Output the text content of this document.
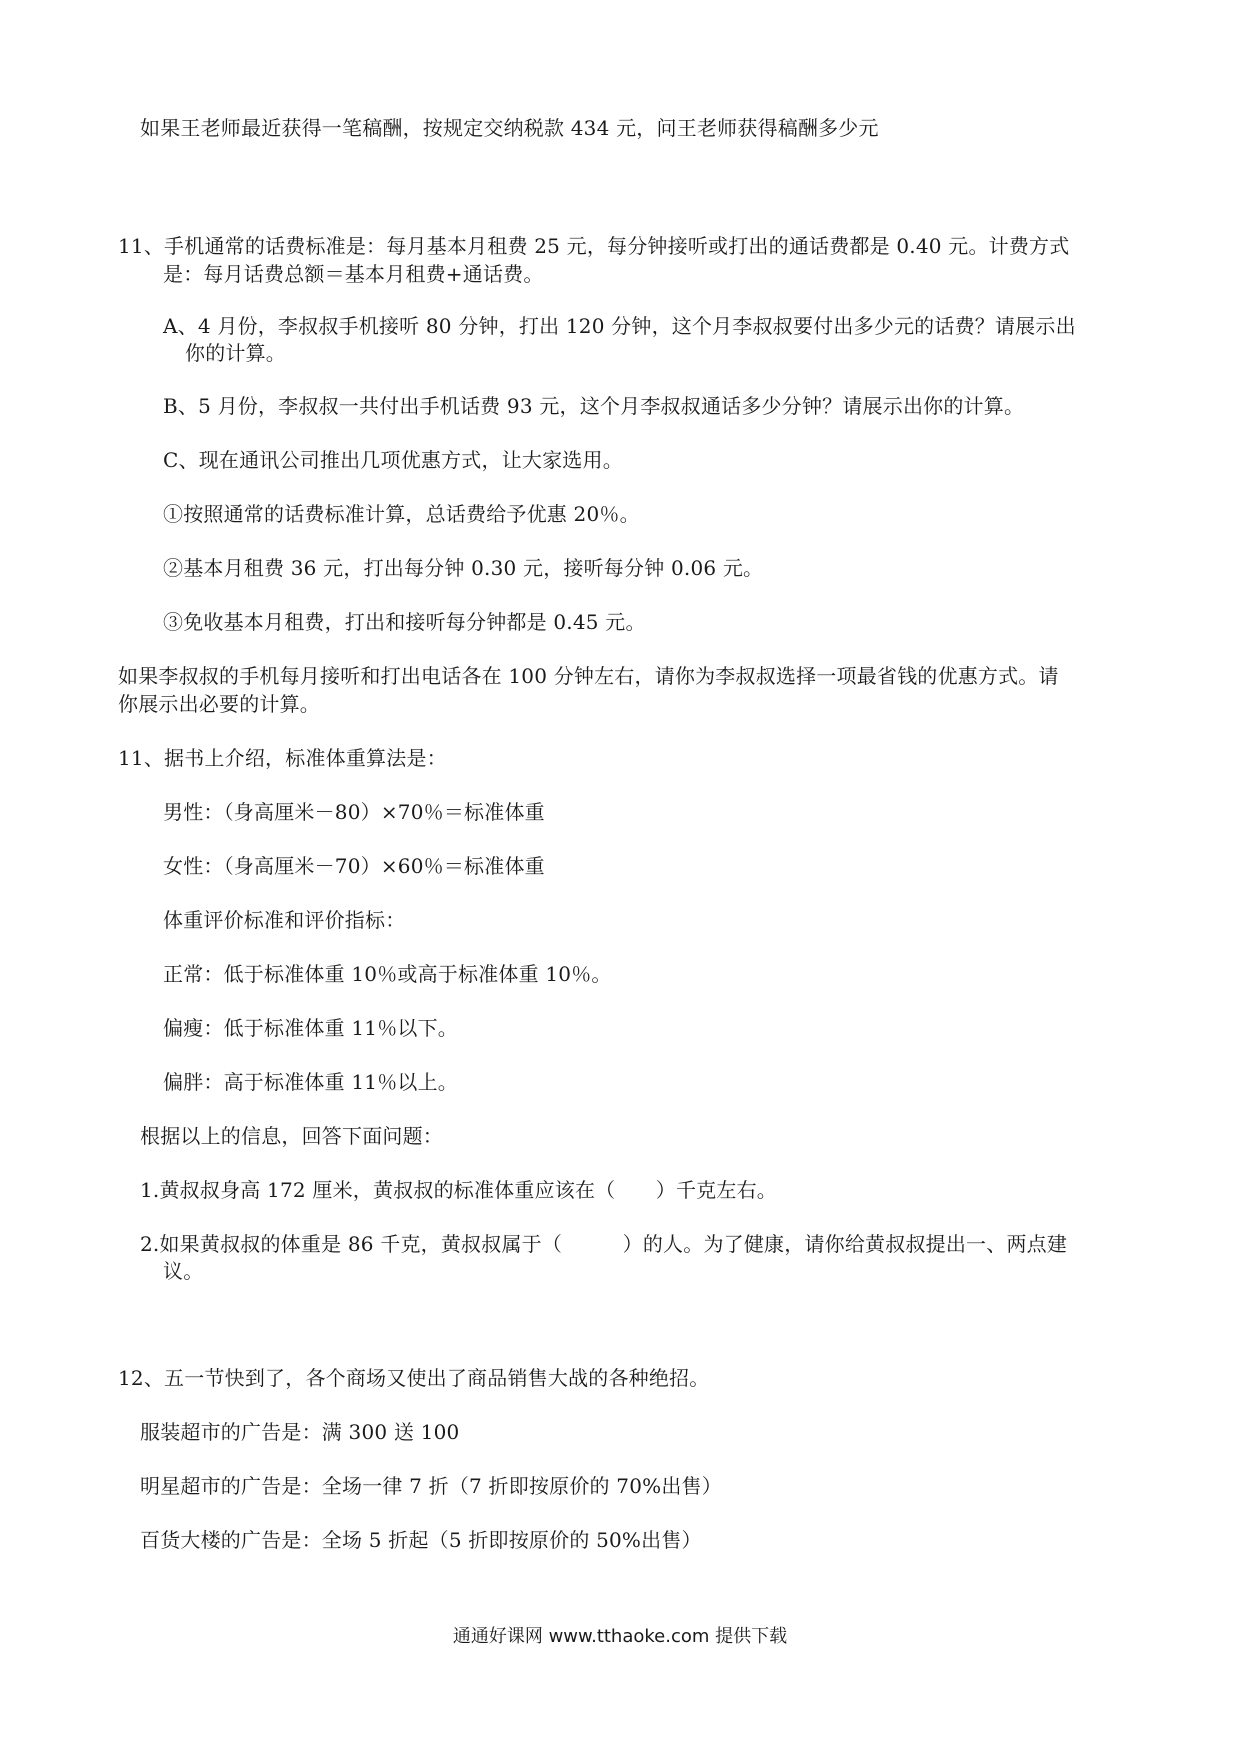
如果王老师最近获得一笔稿酬，按规定交纳税款 434 元，问王老师获得稿酬多少元
11、手机通常的话费标准是：每月基本月租费 25 元，每分钟接听或打出的通话费都是 0.40 元。计费方式
是：每月话费总额＝基本月租费+通话费。
A、4 月份，李叔叔手机接听 80 分钟，打出 120 分钟，这个月李叔叔要付出多少元的话费？请展示出
你的计算。
B、5 月份，李叔叔一共付出手机话费 93 元，这个月李叔叔通话多少分钟？请展示出你的计算。
C、现在通讯公司推出几项优惠方式，让大家选用。
①按照通常的话费标准计算，总话费给予优惠 20％。
②基本月租费 36 元，打出每分钟 0.30 元，接听每分钟 0.06 元。
③免收基本月租费，打出和接听每分钟都是 0.45 元。
如果李叔叔的手机每月接听和打出电话各在 100 分钟左右，请你为李叔叔选择一项最省钱的优惠方式。请
你展示出必要的计算。
11、据书上介绍，标准体重算法是：
男性：（身高厘米－80）×70％＝标准体重
女性：（身高厘米－70）×60％＝标准体重
体重评价标准和评价指标：
正常：低于标准体重 10％或高于标准体重 10％。
偏瘦：低于标准体重 11％以下。
偏胖：高于标准体重 11％以上。
根据以上的信息，回答下面问题：
1.黄叔叔身高 172 厘米，黄叔叔的标准体重应该在（　　）千克左右。
2.如果黄叔叔的体重是 86 千克，黄叔叔属于（　　　）的人。为了健康，请你给黄叔叔提出一、两点建
议。
12、五一节快到了，各个商场又使出了商品销售大战的各种绝招。
服装超市的广告是：满 300 送 100
明星超市的广告是：全场一律 7 折（7 折即按原价的 70%出售）
百货大楼的广告是：全场 5 折起（5 折即按原价的 50%出售）
通通好课网 www.tthaoke.com 提供下载
